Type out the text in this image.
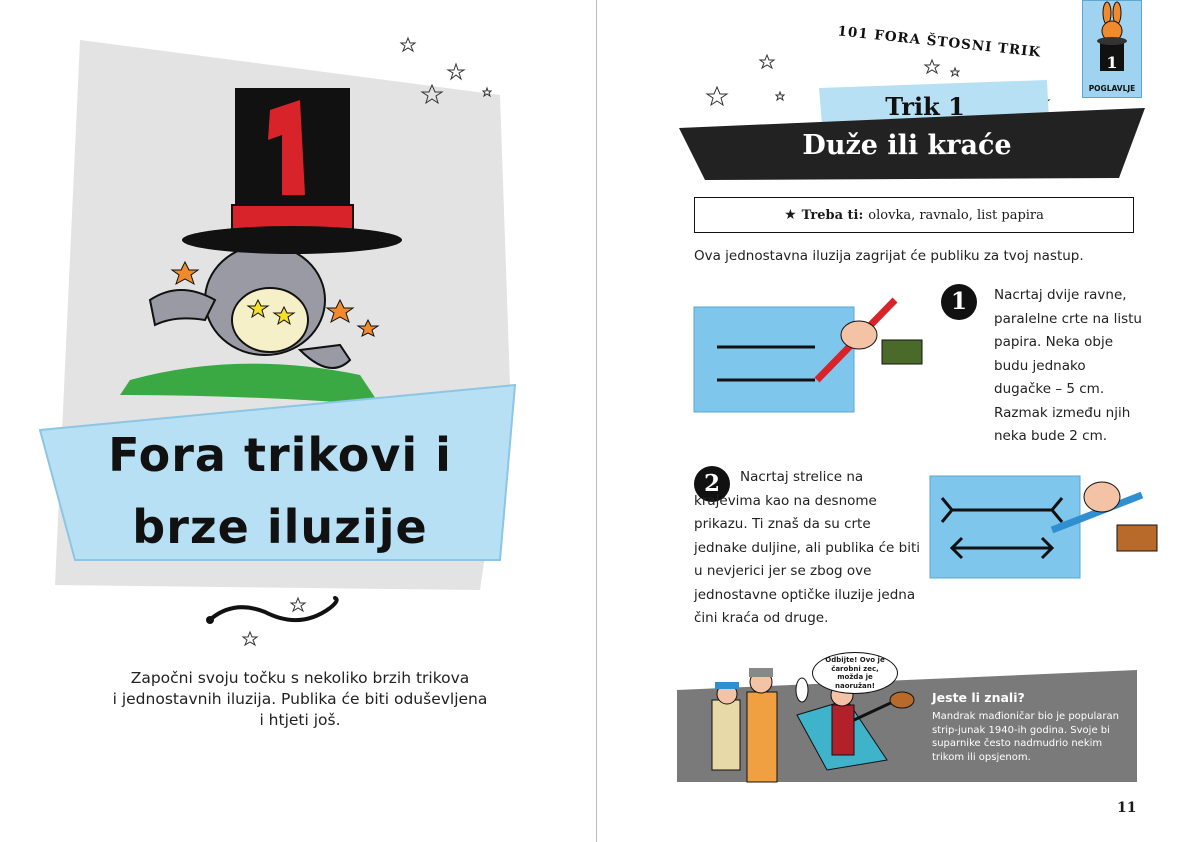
Fora trikovi i
brze iluzije
Započni svoju točku s nekoliko brzih trikova
i jednostavnih iluzija. Publika će biti oduševljena
i htjeti još.
101 FORA ŠTOSNI TRIK
1
POGLAVLJE
Trik 1
Duže ili kraće
★ Treba ti: olovka, ravnalo, list papira
Ova jednostavna iluzija zagrijat će publiku za tvoj nastup.
1	Nacrtaj dvije ravne, paralelne crte na listu papira. Neka obje budu jednako dugačke – 5 cm. Razmak između njih neka bude 2 cm.
2	Nacrtaj strelice na krajevima kao na desnome prikazu. Ti znaš da su crte jednake duljine, ali publika će biti u nevjerici jer se zbog ove jednostavne optičke iluzije jedna čini kraća od druge.
Odbijte! Ovo je čarobni zec, možda je naoružan!
Jeste li znali?
Mandrak mađioničar bio je popularan strip-junak 1940-ih godina. Svoje bi suparnike često nadmudrio nekim trikom ili opsjenom.
11
